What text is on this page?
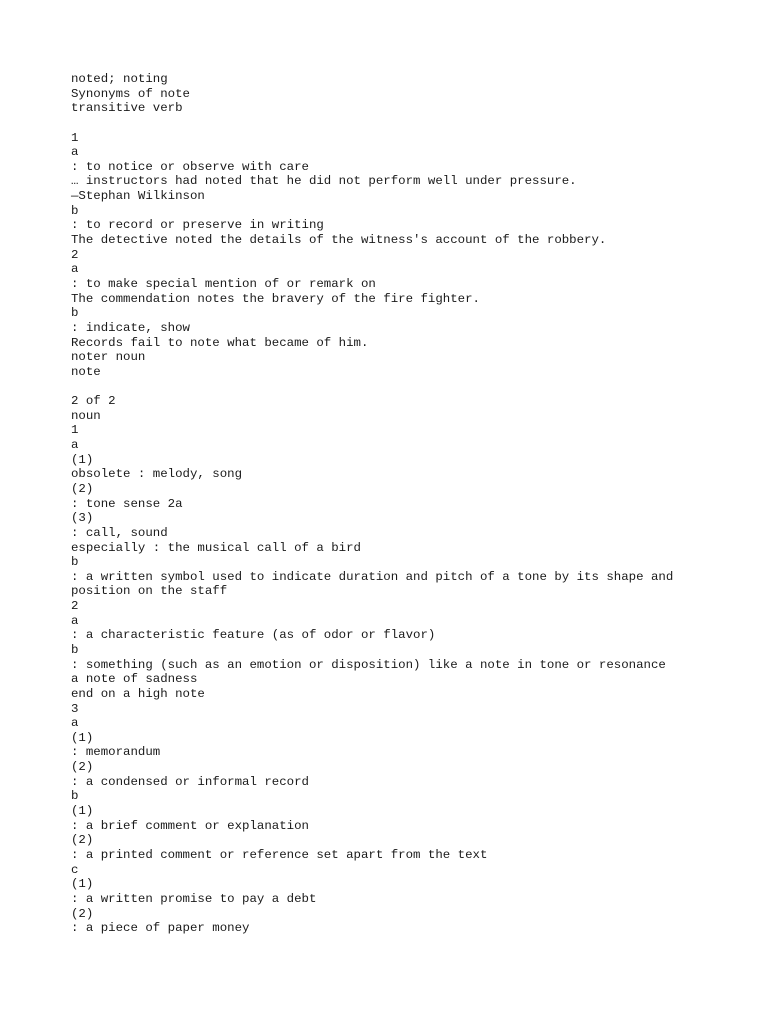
noted; noting
Synonyms of note
transitive verb
1
a
: to notice or observe with care
… instructors had noted that he did not perform well under pressure.
—Stephan Wilkinson
b
: to record or preserve in writing
The detective noted the details of the witness's account of the robbery.
2
a
: to make special mention of or remark on
The commendation notes the bravery of the fire fighter.
b
: indicate, show
Records fail to note what became of him.
noter noun
note
2 of 2
noun
1
a
(1)
obsolete : melody, song
(2)
: tone sense 2a
(3)
: call, sound
especially : the musical call of a bird
b
: a written symbol used to indicate duration and pitch of a tone by its shape and
position on the staff
2
a
: a characteristic feature (as of odor or flavor)
b
: something (such as an emotion or disposition) like a note in tone or resonance
a note of sadness
end on a high note
3
a
(1)
: memorandum
(2)
: a condensed or informal record
b
(1)
: a brief comment or explanation
(2)
: a printed comment or reference set apart from the text
c
(1)
: a written promise to pay a debt
(2)
: a piece of paper money
